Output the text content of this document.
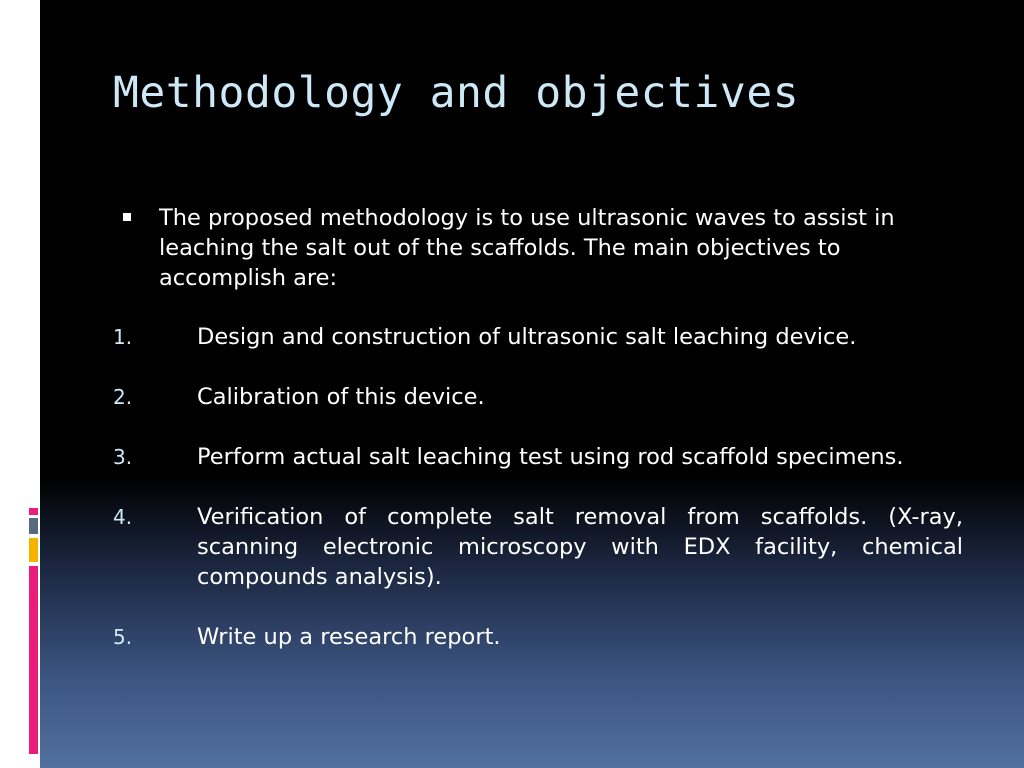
Methodology and objectives
The proposed methodology is to use ultrasonic waves to assist in leaching the salt out of the scaffolds. The main objectives to accomplish are:
1.	Design and construction of ultrasonic salt leaching device.
2.	Calibration of this device.
3.	Perform actual salt leaching test using rod scaffold specimens.
4.	Verification of complete salt removal from scaffolds. (X-ray, scanning electronic microscopy with EDX facility, chemical compounds analysis).
5.	Write up a research report.
